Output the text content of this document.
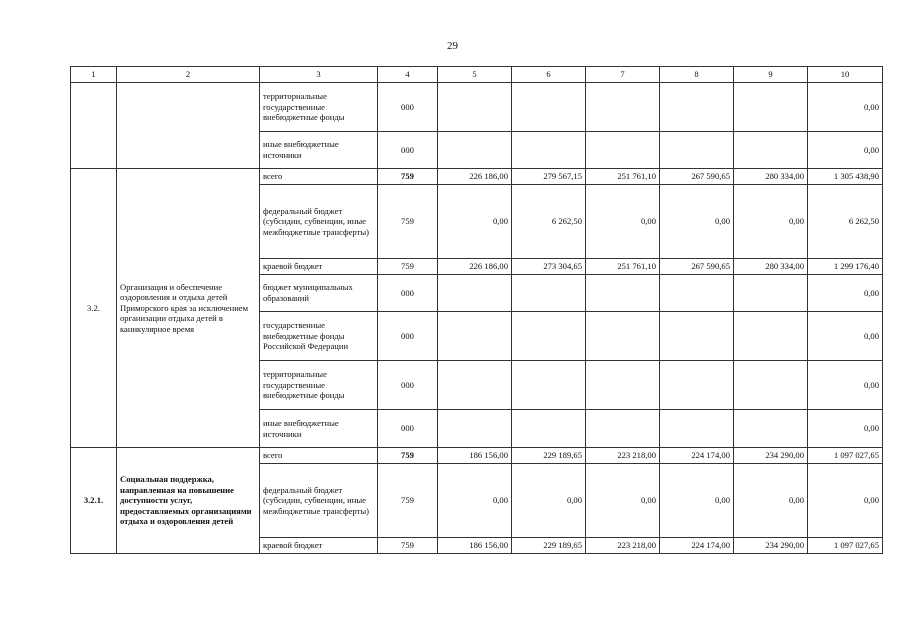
29
1	2	3	4	5	6	7	8	9	10
		территориальные государственные внебюджетные фонды	000						0,00
		иные внебюджетные источники	000						0,00
3.2.	Организация и обеспечение оздоровления и отдыха детей Приморского края за исключением организации отдыха детей в каникулярное время	всего	759	226 186,00	279 567,15	251 761,10	267 590,65	280 334,00	1 305 438,90
		федеральный бюджет (субсидии, субвенции, иные межбюджетные трансферты)	759	0,00	6 262,50	0,00	0,00	0,00	6 262,50
		краевой бюджет	759	226 186,00	273 304,65	251 761,10	267 590,65	280 334,00	1 299 176,40
		бюджет муниципальных образований	000						0,00
		государственные внебюджетные фонды Российской Федерации	000						0,00
		территориальные государственные внебюджетные фонды	000						0,00
		иные внебюджетные источники	000						0,00
3.2.1.	Социальная поддержка, направленная на повышение доступности услуг, предоставляемых организациями отдыха и оздоровления детей	всего	759	186 156,00	229 189,65	223 218,00	224 174,00	234 290,00	1 097 027,65
		федеральный бюджет (субсидии, субвенции, иные межбюджетные трансферты)	759	0,00	0,00	0,00	0,00	0,00	0,00
		краевой бюджет	759	186 156,00	229 189,65	223 218,00	224 174,00	234 290,00	1 097 027,65
